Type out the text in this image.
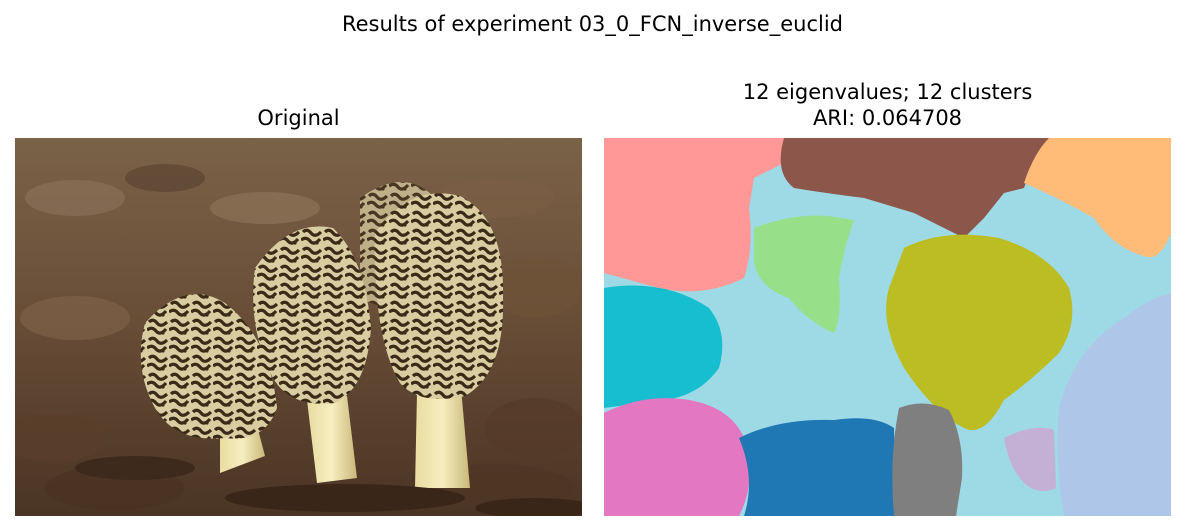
Results of experiment 03_0_FCN_inverse_euclid
Original
12 eigenvalues; 12 clusters
ARI: 0.064708
